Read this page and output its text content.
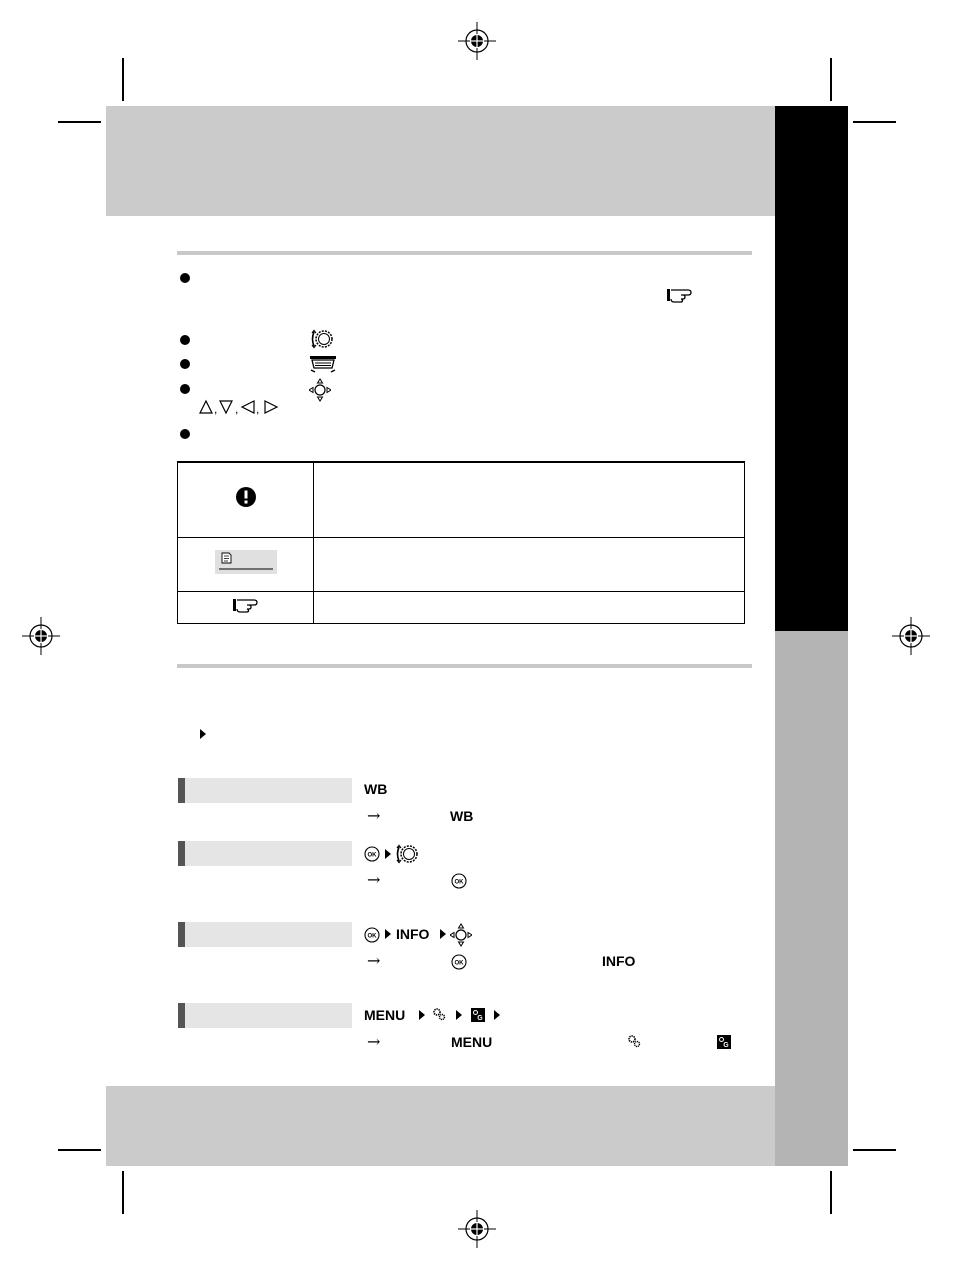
, , ,

WB
→	WB
OK
→	OK
OK INFO
→	OK	INFO
MENU	G
→	MENU	G
